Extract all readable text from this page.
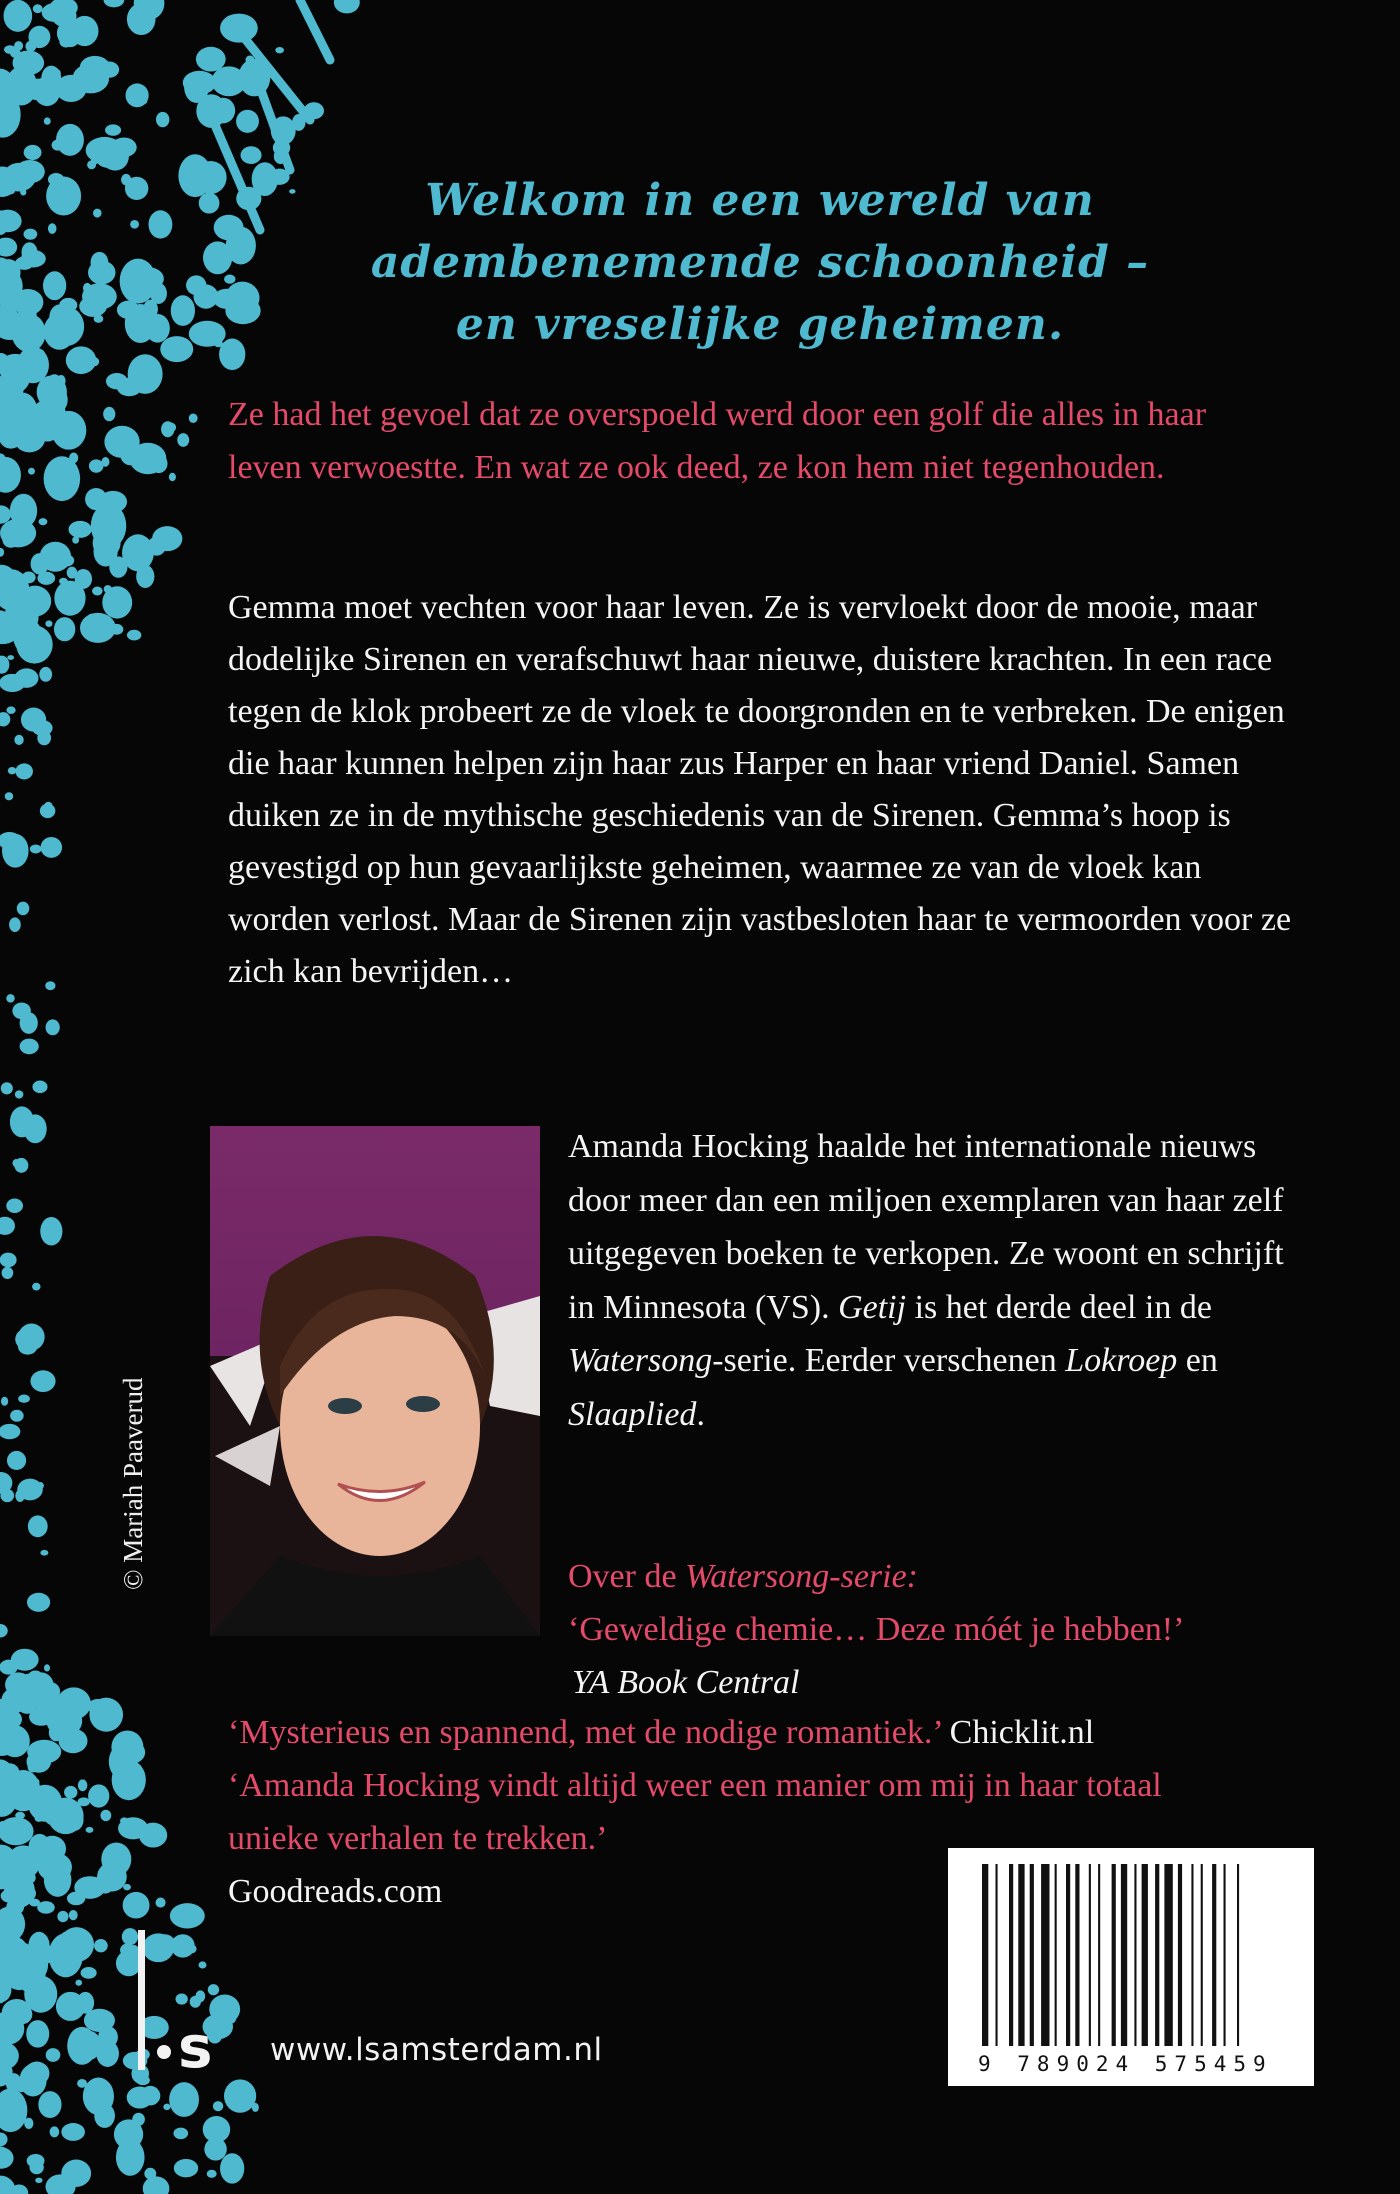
Welkom in een wereld van
adembenemende schoonheid –
en vreselijke geheimen.
Ze had het gevoel dat ze overspoeld werd door een golf die alles in haar leven verwoestte. En wat ze ook deed, ze kon hem niet tegenhouden.
Gemma moet vechten voor haar leven. Ze is vervloekt door de mooie, maar dodelijke Sirenen en verafschuwt haar nieuwe, duistere krachten. In een race tegen de klok probeert ze de vloek te doorgronden en te verbreken. De enigen die haar kunnen helpen zijn haar zus Harper en haar vriend Daniel. Samen duiken ze in de mythische geschiedenis van de Sirenen. Gemma’s hoop is gevestigd op hun gevaarlijkste geheimen, waarmee ze van de vloek kan worden verlost. Maar de Sirenen zijn vastbesloten haar te vermoorden voor ze zich kan bevrijden…
Amanda Hocking haalde het internationale nieuws door meer dan een miljoen exemplaren van haar zelf uitgegeven boeken te verkopen. Ze woont en schrijft in Minnesota (VS). Getij is het derde deel in de Watersong-serie. Eerder verschenen Lokroep en Slaaplied.
© Mariah Paaverud	Over de Watersong-serie:
‘Geweldige chemie… Deze móét je hebben!’
YA Book Central
‘Mysterieus en spannend, met de nodige romantiek.’ Chicklit.nl
‘Amanda Hocking vindt altijd weer een manier om mij in haar totaal unieke verhalen te trekken.’
Goodreads.com
s www.lsamsterdam.nl	9 789024 575459
